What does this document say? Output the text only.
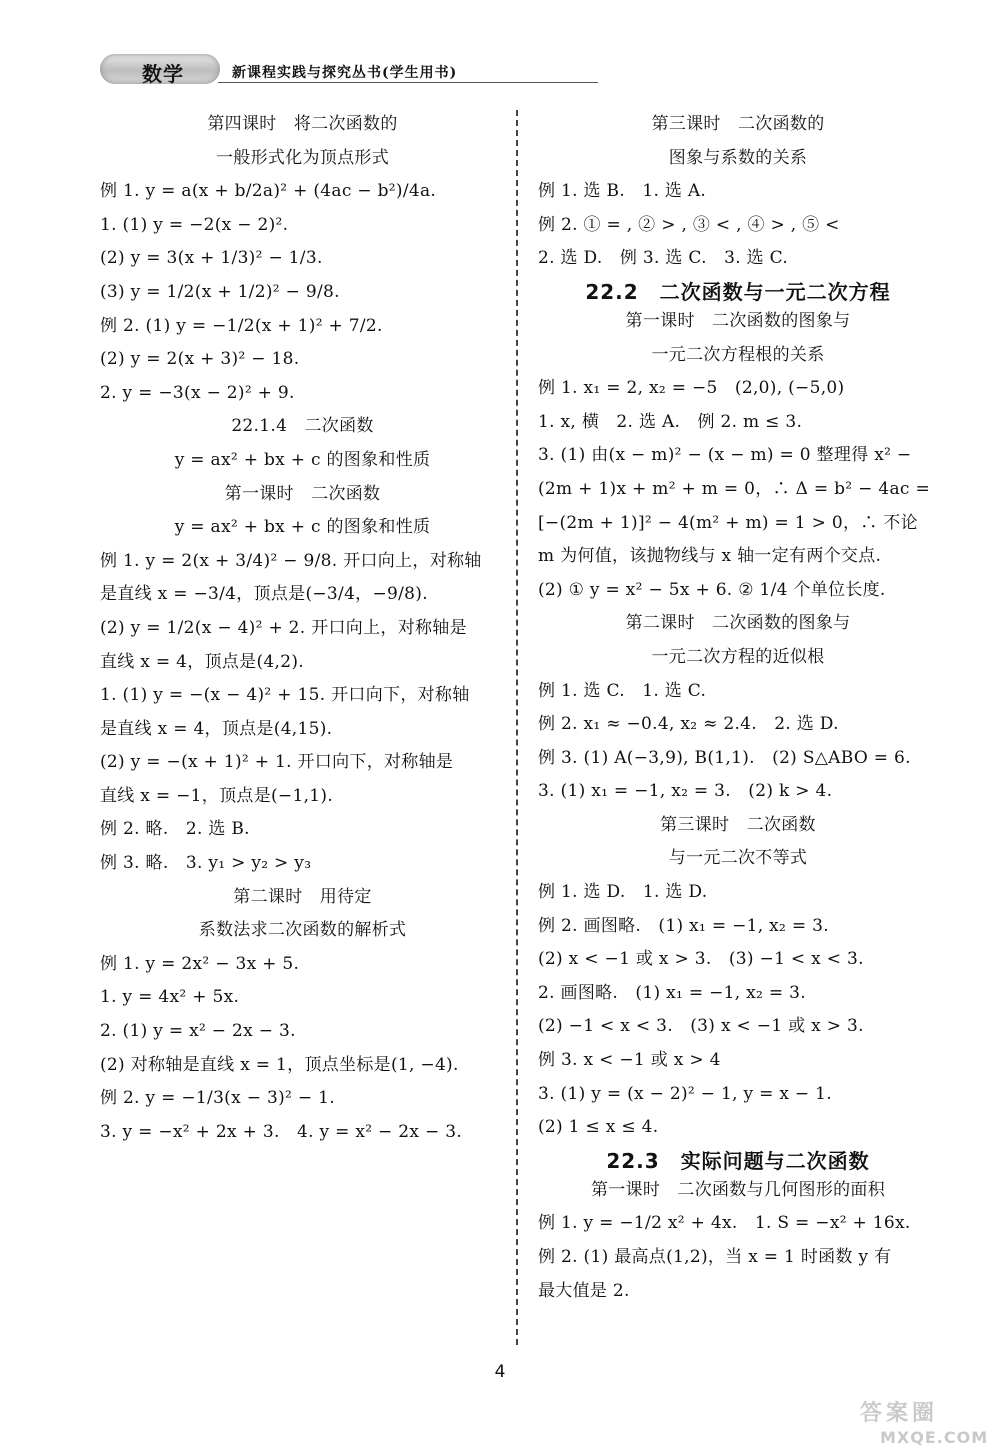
数学	新课程实践与探究丛书(学生用书)
第四课时　将二次函数的
一般形式化为顶点形式
例 1. y = a(x + b/2a)² + (4ac − b²)/4a.
1. (1) y = −2(x − 2)².
(2) y = 3(x + 1/3)² − 1/3.
(3) y = 1/2(x + 1/2)² − 9/8.
例 2. (1) y = −1/2(x + 1)² + 7/2.
(2) y = 2(x + 3)² − 18.
2. y = −3(x − 2)² + 9.
22.1.4　二次函数
y = ax² + bx + c 的图象和性质
第一课时　二次函数
y = ax² + bx + c 的图象和性质
例 1. y = 2(x + 3/4)² − 9/8. 开口向上，对称轴
是直线 x = −3/4，顶点是(−3/4，−9/8).
(2) y = 1/2(x − 4)² + 2. 开口向上，对称轴是
直线 x = 4，顶点是(4,2).
1. (1) y = −(x − 4)² + 15. 开口向下，对称轴
是直线 x = 4，顶点是(4,15).
(2) y = −(x + 1)² + 1. 开口向下，对称轴是
直线 x = −1，顶点是(−1,1).
例 2. 略.　2. 选 B.
例 3. 略.　3. y₁ > y₂ > y₃
第二课时　用待定
系数法求二次函数的解析式
例 1. y = 2x² − 3x + 5.
1. y = 4x² + 5x.
2. (1) y = x² − 2x − 3.
(2) 对称轴是直线 x = 1，顶点坐标是(1, −4).
例 2. y = −1/3(x − 3)² − 1.
3. y = −x² + 2x + 3.　4. y = x² − 2x − 3.
第三课时　二次函数的
图象与系数的关系
例 1. 选 B.　1. 选 A.
例 2. ① = , ② > , ③ < , ④ > , ⑤ <
2. 选 D.　例 3. 选 C.　3. 选 C.
22.2　二次函数与一元二次方程
第一课时　二次函数的图象与
一元二次方程根的关系
例 1. x₁ = 2, x₂ = −5　(2,0), (−5,0)
1. x, 横　2. 选 A.　例 2. m ≤ 3.
3. (1) 由(x − m)² − (x − m) = 0 整理得 x² −
(2m + 1)x + m² + m = 0，∴ Δ = b² − 4ac =
[−(2m + 1)]² − 4(m² + m) = 1 > 0，∴ 不论
m 为何值，该抛物线与 x 轴一定有两个交点.
(2) ① y = x² − 5x + 6. ② 1/4 个单位长度.
第二课时　二次函数的图象与
一元二次方程的近似根
例 1. 选 C.　1. 选 C.
例 2. x₁ ≈ −0.4, x₂ ≈ 2.4.　2. 选 D.
例 3. (1) A(−3,9), B(1,1).　(2) S△ABO = 6.
3. (1) x₁ = −1, x₂ = 3.　(2) k > 4.
第三课时　二次函数
与一元二次不等式
例 1. 选 D.　1. 选 D.
例 2. 画图略.　(1) x₁ = −1, x₂ = 3.
(2) x < −1 或 x > 3.　(3) −1 < x < 3.
2. 画图略.　(1) x₁ = −1, x₂ = 3.
(2) −1 < x < 3.　(3) x < −1 或 x > 3.
例 3. x < −1 或 x > 4
3. (1) y = (x − 2)² − 1, y = x − 1.
(2) 1 ≤ x ≤ 4.
22.3　实际问题与二次函数
第一课时　二次函数与几何图形的面积
例 1. y = −1/2 x² + 4x.　1. S = −x² + 16x.
例 2. (1) 最高点(1,2)，当 x = 1 时函数 y 有
最大值是 2.
4
答案圈
MXQE.COM
